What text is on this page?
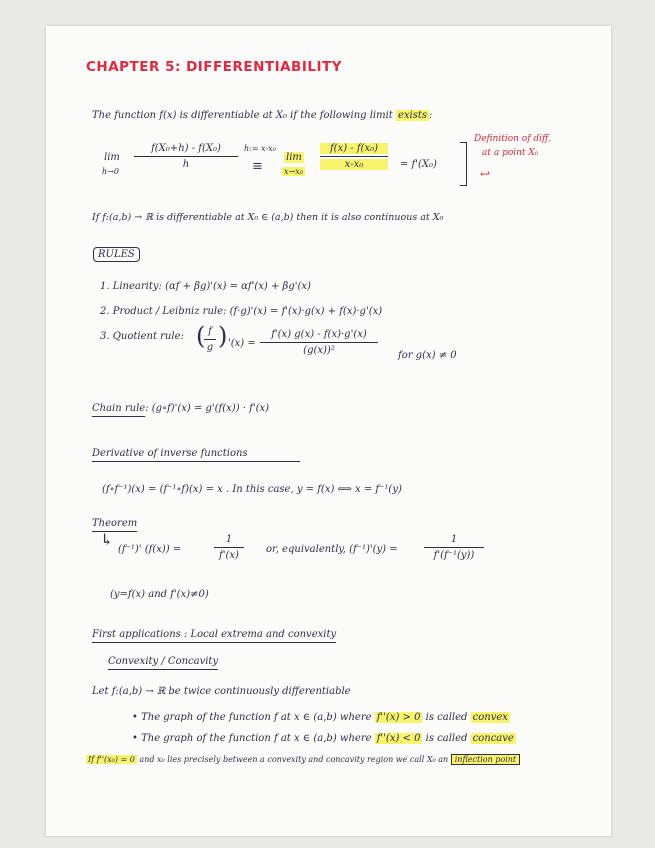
CHAPTER 5: DIFFERENTIABILITY
The function f(x) is differentiable at X₀ if the following limit exists :
lim
h→0
f(X₀+h) - f(X₀)
h
h:= x-x₀
≡
lim
x→x₀
f(x) - f(x₀)
x-x₀	= f'(X₀)
Definition of diff.
at a point X₀
↩
If f:(a,b) → ℝ is differentiable at X₀ ∈ (a,b) then it is also continuous at X₀
RULES
1. Linearity: (αf + βg)'(x) = αf'(x) + βg'(x)
2. Product / Leibniz rule: (f·g)'(x) = f'(x)·g(x) + f(x)·g'(x)
3. Quotient rule: ( f
g ) '(x) =
f'(x) g(x) - f(x)·g'(x)
(g(x))²	for g(x) ≠ 0
Chain rule: (g∘f)'(x) = g'(f(x)) · f'(x)
Derivative of inverse functions
(f∘f⁻¹)(x) = (f⁻¹∘f)(x) = x . In this case, y = f(x) ⟺ x = f⁻¹(y)
Theorem
↳
(f⁻¹)' (f(x)) =
1
f'(x)
or, equivalently, (f⁻¹)'(y) =
1
f'(f⁻¹(y))
(y=f(x) and f'(x)≠0)
First applications : Local extrema and convexity
Convexity / Concavity
Let f:(a,b) → ℝ be twice continuously differentiable
• The graph of the function f at x ∈ (a,b) where f''(x) > 0 is called convex
• The graph of the function f at x ∈ (a,b) where f''(x) < 0 is called concave
If f''(x₀) = 0 and x₀ lies precisely between a convexity and concavity region we call X₀ an inflection point
